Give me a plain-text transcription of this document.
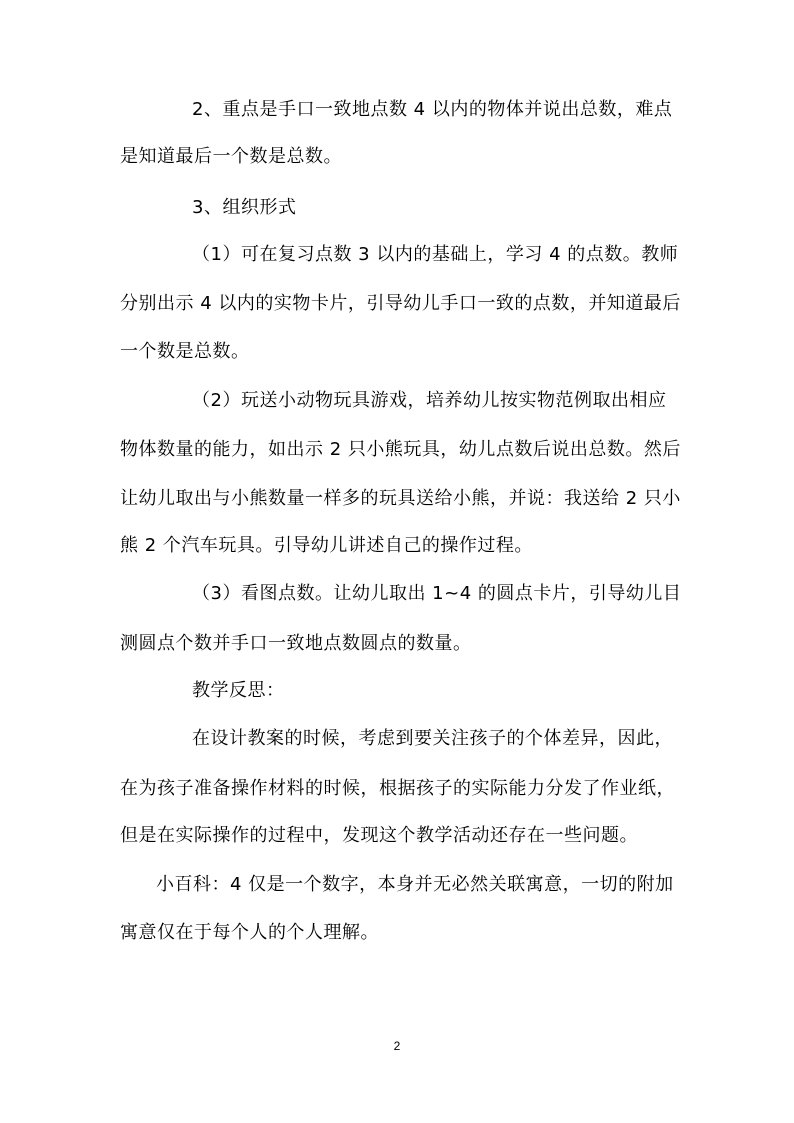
2、重点是手口一致地点数 4 以内的物体并说出总数，难点
是知道最后一个数是总数。
3、组织形式
（1）可在复习点数 3 以内的基础上，学习 4 的点数。教师
分别出示 4 以内的实物卡片，引导幼儿手口一致的点数，并知道最后
一个数是总数。
（2）玩送小动物玩具游戏，培养幼儿按实物范例取出相应
物体数量的能力，如出示 2 只小熊玩具，幼儿点数后说出总数。然后
让幼儿取出与小熊数量一样多的玩具送给小熊，并说：我送给 2 只小
熊 2 个汽车玩具。引导幼儿讲述自己的操作过程。
（3）看图点数。让幼儿取出 1~4 的圆点卡片，引导幼儿目
测圆点个数并手口一致地点数圆点的数量。
教学反思：
在设计教案的时候，考虑到要关注孩子的个体差异，因此，
在为孩子准备操作材料的时候，根据孩子的实际能力分发了作业纸，
但是在实际操作的过程中，发现这个教学活动还存在一些问题。
小百科：4 仅是一个数字，本身并无必然关联寓意，一切的附加
寓意仅在于每个人的个人理解。
2
